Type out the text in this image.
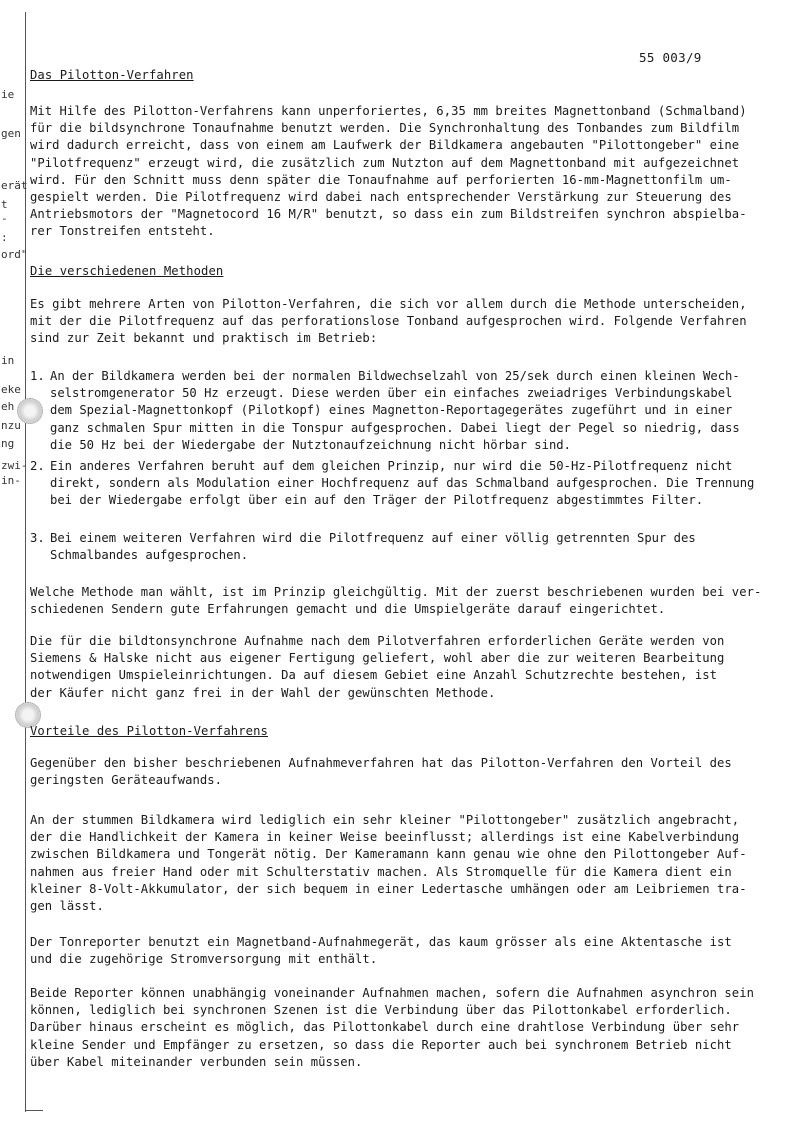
55 003/9
ie
gen
erät
t
-
:
ord"
in
eke
eh
nzu
ng
zwi-
in-
Das Pilotton-Verfahren
Mit Hilfe des Pilotton-Verfahrens kann unperforiertes, 6,35 mm breites Magnettonband (Schmalband)
für die bildsynchrone Tonaufnahme benutzt werden. Die Synchronhaltung des Tonbandes zum Bildfilm
wird dadurch erreicht, dass von einem am Laufwerk der Bildkamera angebauten "Pilottongeber" eine
"Pilotfrequenz" erzeugt wird, die zusätzlich zum Nutzton auf dem Magnettonband mit aufgezeichnet
wird. Für den Schnitt muss denn später die Tonaufnahme auf perforierten 16-mm-Magnettonfilm um-
gespielt werden. Die Pilotfrequenz wird dabei nach entsprechender Verstärkung zur Steuerung des
Antriebsmotors der "Magnetocord 16 M/R" benutzt, so dass ein zum Bildstreifen synchron abspielba-
rer Tonstreifen entsteht.
Die verschiedenen Methoden
Es gibt mehrere Arten von Pilotton-Verfahren, die sich vor allem durch die Methode unterscheiden,
mit der die Pilotfrequenz auf das perforationslose Tonband aufgesprochen wird. Folgende Verfahren
sind zur Zeit bekannt und praktisch im Betrieb:
1. An der Bildkamera werden bei der normalen Bildwechselzahl von 25/sek durch einen kleinen Wech-
selstromgenerator 50 Hz erzeugt. Diese werden über ein einfaches zweiadriges Verbindungskabel
dem Spezial-Magnettonkopf (Pilotkopf) eines Magnetton-Reportagegerätes zugeführt und in einer
ganz schmalen Spur mitten in die Tonspur aufgesprochen. Dabei liegt der Pegel so niedrig, dass
die 50 Hz bei der Wiedergabe der Nutztonaufzeichnung nicht hörbar sind.
2. Ein anderes Verfahren beruht auf dem gleichen Prinzip, nur wird die 50-Hz-Pilotfrequenz nicht
direkt, sondern als Modulation einer Hochfrequenz auf das Schmalband aufgesprochen. Die Trennung
bei der Wiedergabe erfolgt über ein auf den Träger der Pilotfrequenz abgestimmtes Filter.
3. Bei einem weiteren Verfahren wird die Pilotfrequenz auf einer völlig getrennten Spur des
Schmalbandes aufgesprochen.
Welche Methode man wählt, ist im Prinzip gleichgültig. Mit der zuerst beschriebenen wurden bei ver-
schiedenen Sendern gute Erfahrungen gemacht und die Umspielgeräte darauf eingerichtet.
Die für die bildtonsynchrone Aufnahme nach dem Pilotverfahren erforderlichen Geräte werden von
Siemens & Halske nicht aus eigener Fertigung geliefert, wohl aber die zur weiteren Bearbeitung
notwendigen Umspieleinrichtungen. Da auf diesem Gebiet eine Anzahl Schutzrechte bestehen, ist
der Käufer nicht ganz frei in der Wahl der gewünschten Methode.
Vorteile des Pilotton-Verfahrens
Gegenüber den bisher beschriebenen Aufnahmeverfahren hat das Pilotton-Verfahren den Vorteil des
geringsten Geräteaufwands.
An der stummen Bildkamera wird lediglich ein sehr kleiner "Pilottongeber" zusätzlich angebracht,
der die Handlichkeit der Kamera in keiner Weise beeinflusst; allerdings ist eine Kabelverbindung
zwischen Bildkamera und Tongerät nötig. Der Kameramann kann genau wie ohne den Pilottongeber Auf-
nahmen aus freier Hand oder mit Schulterstativ machen. Als Stromquelle für die Kamera dient ein
kleiner 8-Volt-Akkumulator, der sich bequem in einer Ledertasche umhängen oder am Leibriemen tra-
gen lässt.
Der Tonreporter benutzt ein Magnetband-Aufnahmegerät, das kaum grösser als eine Aktentasche ist
und die zugehörige Stromversorgung mit enthält.
Beide Reporter können unabhängig voneinander Aufnahmen machen, sofern die Aufnahmen asynchron sein
können, lediglich bei synchronen Szenen ist die Verbindung über das Pilottonkabel erforderlich.
Darüber hinaus erscheint es möglich, das Pilottonkabel durch eine drahtlose Verbindung über sehr
kleine Sender und Empfänger zu ersetzen, so dass die Reporter auch bei synchronem Betrieb nicht
über Kabel miteinander verbunden sein müssen.
